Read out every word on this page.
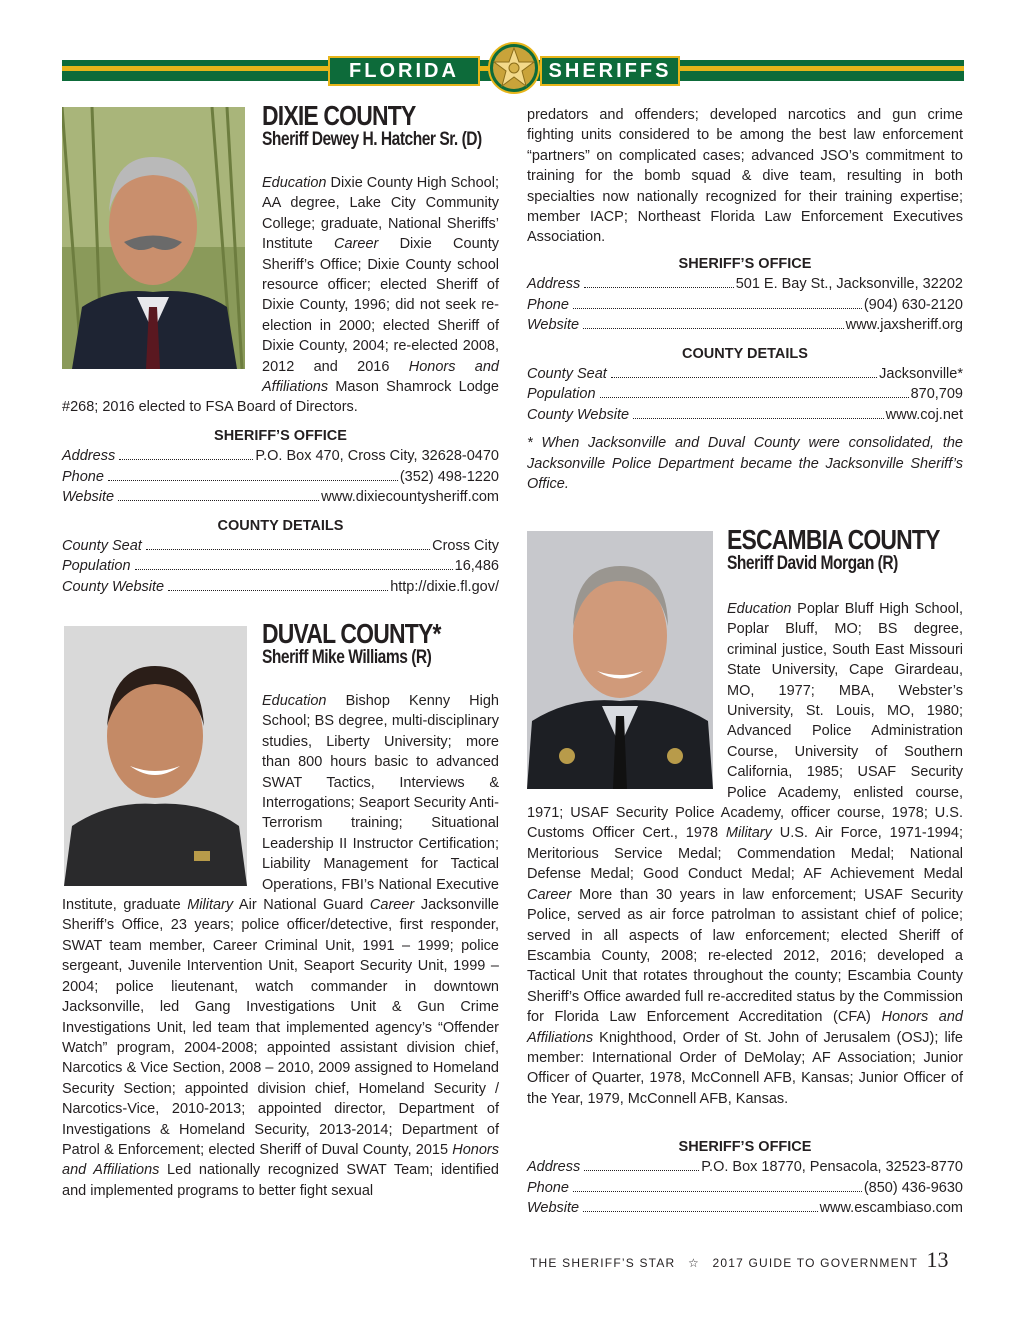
FLORIDA	SHERIFFS
DIXIE COUNTY
Sheriff Dewey H. Hatcher Sr. (D)
Education Dixie County High School; AA degree, Lake City Community College; graduate, National Sheriffs’ Institute Career Dixie County Sheriff’s Office; Dixie County school resource officer; elected Sheriff of Dixie County, 1996; did not seek re-election in 2000; elected Sheriff of Dixie County, 2004; re-elected 2008, 2012 and 2016 Honors and Affiliations Mason Shamrock Lodge #268; 2016 elected to FSA Board of Directors.
SHERIFF’S OFFICE
Address	P.O. Box 470, Cross City, 32628-0470
Phone	(352) 498-1220
Website	www.dixiecountysheriff.com
COUNTY DETAILS
County Seat	Cross City
Population	16,486
County Website	http://dixie.fl.gov/
DUVAL COUNTY*
Sheriff Mike Williams (R)
Education Bishop Kenny High School; BS degree, multi-disciplinary studies, Liberty University; more than 800 hours basic to advanced SWAT Tactics, Interviews & Interrogations; Seaport Security Anti-Terrorism training; Situational Leadership II Instructor Certification; Liability Management for Tactical Operations, FBI’s National Executive Institute, graduate Military Air National Guard Career Jacksonville Sheriff’s Office, 23 years; police officer/detective, first responder, SWAT team member, Career Criminal Unit, 1991 – 1999; police sergeant, Juvenile Intervention Unit, Seaport Security Unit, 1999 – 2004; police lieutenant, watch commander in downtown Jacksonville, led Gang Investigations Unit & Gun Crime Investigations Unit, led team that implemented agency’s “Offender Watch” program, 2004-2008; appointed assistant division chief, Narcotics & Vice Section, 2008 – 2010, 2009 assigned to Homeland Security Section; appointed division chief, Homeland Security / Narcotics-Vice, 2010-2013; appointed director, Department of Investigations & Homeland Security, 2013-2014; Department of Patrol & Enforcement; elected Sheriff of Duval County, 2015 Honors and Affiliations Led nationally recognized SWAT Team; identified and implemented programs to better fight sexual
predators and offenders; developed narcotics and gun crime fighting units considered to be among the best law enforcement “partners” on complicated cases; advanced JSO’s commitment to training for the bomb squad & dive team, resulting in both specialties now nationally recognized for their training expertise; member IACP; Northeast Florida Law Enforcement Executives Association.
SHERIFF’S OFFICE
Address	501 E. Bay St., Jacksonville, 32202
Phone	(904) 630-2120
Website	www.jaxsheriff.org
COUNTY DETAILS
County Seat	Jacksonville*
Population	870,709
County Website	www.coj.net
* When Jacksonville and Duval County were consolidated, the Jacksonville Police Department became the Jacksonville Sheriff’s Office.
ESCAMBIA COUNTY
Sheriff David Morgan (R)
Education Poplar Bluff High School, Poplar Bluff, MO; BS degree, criminal justice, South East Missouri State University, Cape Girardeau, MO, 1977; MBA, Webster’s University, St. Louis, MO, 1980; Advanced Police Administration Course, University of Southern California, 1985; USAF Security Police Academy, enlisted course, 1971; USAF Security Police Academy, officer course, 1978; U.S. Customs Officer Cert., 1978 Military U.S. Air Force, 1971-1994; Meritorious Service Medal; Commendation Medal; National Defense Medal; Good Conduct Medal; AF Achievement Medal Career More than 30 years in law enforcement; USAF Security Police, served as air force patrolman to assistant chief of police; served in all aspects of law enforcement; elected Sheriff of Escambia County, 2008; re-elected 2012, 2016; developed a Tactical Unit that rotates throughout the county; Escambia County Sheriff’s Office awarded full re-accredited status by the Commission for Florida Law Enforcement Accreditation (CFA) Honors and Affiliations Knighthood, Order of St. John of Jerusalem (OSJ); life member: International Order of DeMolay; AF Association; Junior Officer of Quarter, 1978, McConnell AFB, Kansas; Junior Officer of the Year, 1979, McConnell AFB, Kansas.
SHERIFF’S OFFICE
Address	P.O. Box 18770, Pensacola, 32523-8770
Phone	(850) 436-9630
Website	www.escambiaso.com
THE SHERIFF’S STAR ☆ 2017 GUIDE TO GOVERNMENT 13
